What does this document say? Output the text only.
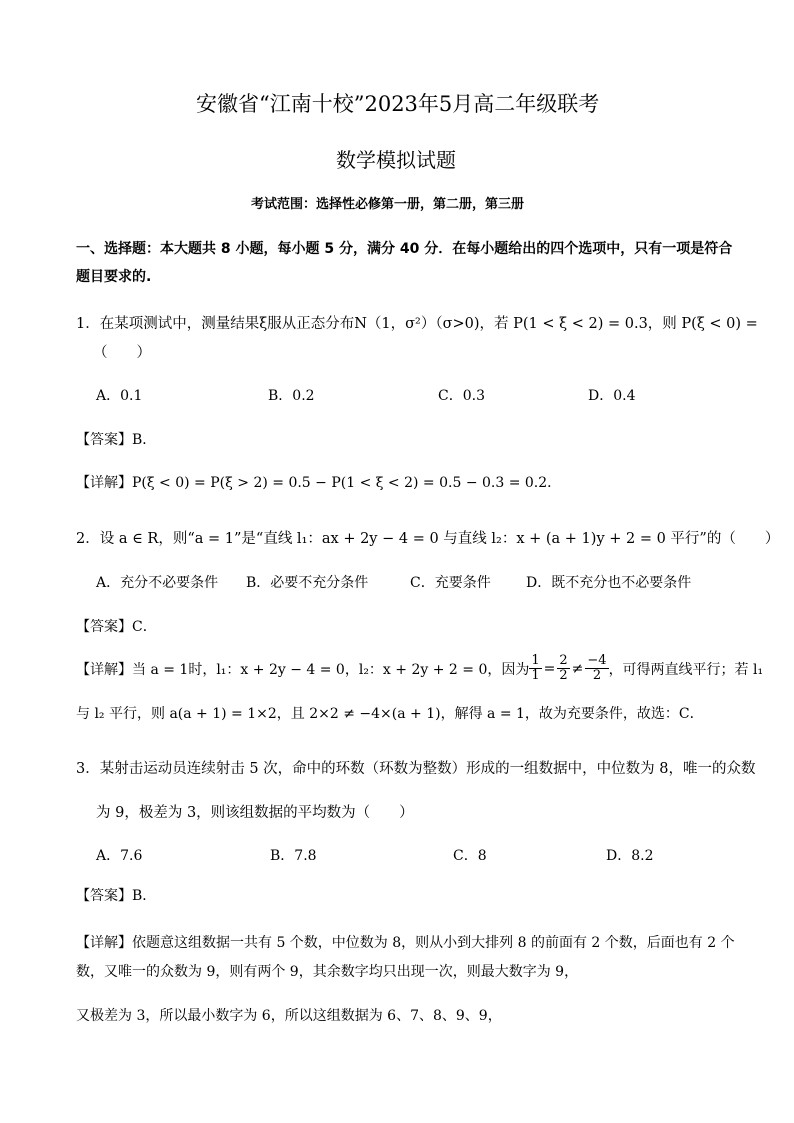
安徽省“江南十校”2023年5月高二年级联考
数学模拟试题
考试范围：选择性必修第一册，第二册，第三册
一、选择题：本大题共 8 小题，每小题 5 分，满分 40 分．在每小题给出的四个选项中，只有一项是符合
题目要求的.
1．在某项测试中，测量结果ξ服从正态分布N（1，σ²）（σ>0)，若 P(1 < ξ < 2) = 0.3，则 P(ξ < 0) =
（　　）
A．0.1	B．0.2	C．0.3	D．0.4
【答案】B．
【详解】P(ξ < 0) = P(ξ > 2) = 0.5 − P(1 < ξ < 2) = 0.5 − 0.3 = 0.2．
2．设 a ∈ R，则“a = 1”是“直线 l₁：ax + 2y − 4 = 0 与直线 l₂：x + (a + 1)y + 2 = 0 平行”的（　　）
A．充分不必要条件 B．必要不充分条件	C．充要条件	D．既不充分也不必要条件
【答案】C．
【详解】当 a = 1时，l₁：x + 2y − 4 = 0，l₂：x + 2y + 2 = 0，因为 $\frac{1}{1} = \frac{2}{2} \ne \frac{-4}{2}$ ，可得两直线平行；若 l₁
与 l₂ 平行，则 a(a + 1) = 1×2，且 2×2 ≠ −4×(a + 1)，解得 a = 1，故为充要条件，故选：C．
3．某射击运动员连续射击 5 次，命中的环数（环数为整数）形成的一组数据中，中位数为 8，唯一的众数
为 9，极差为 3，则该组数据的平均数为（　　）
A．7.6	B．7.8	C．8	D．8.2
【答案】B．
【详解】依题意这组数据一共有 5 个数，中位数为 8，则从小到大排列 8 的前面有 2 个数，后面也有 2 个
数，又唯一的众数为 9，则有两个 9，其余数字均只出现一次，则最大数字为 9，
又极差为 3，所以最小数字为 6，所以这组数据为 6、7、8、9、9，
